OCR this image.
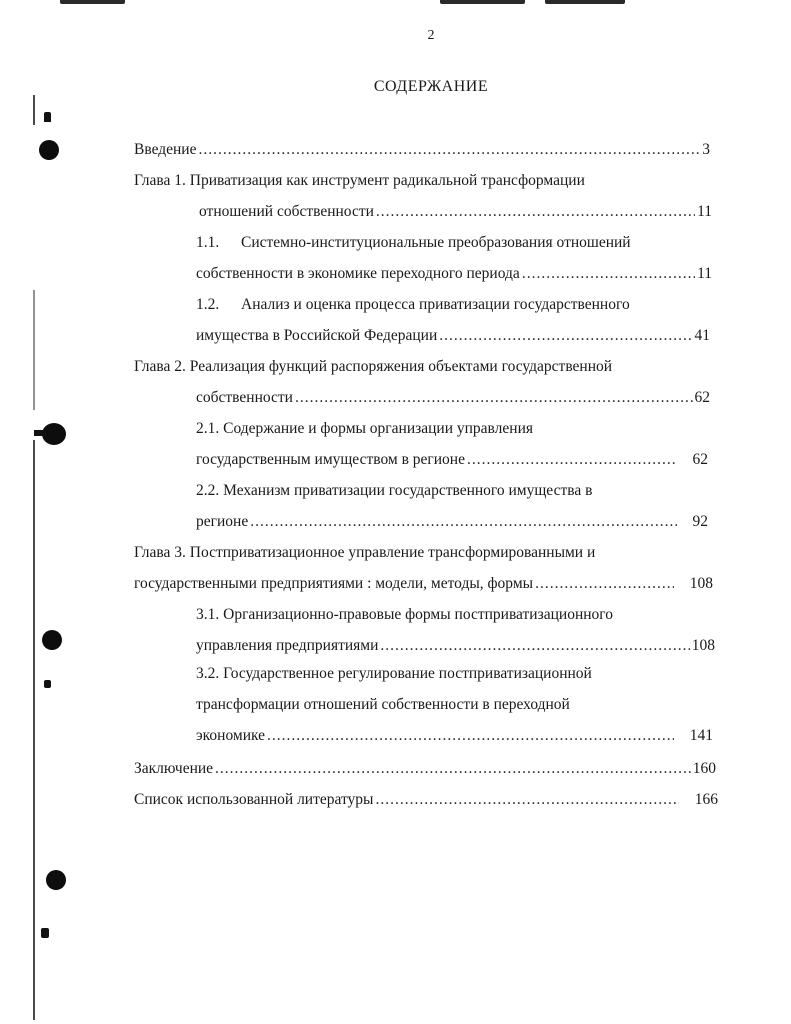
2
СОДЕРЖАНИЕ
Введение .....	3
Глава 1. Приватизация как инструмент радикальной трансформации
отношений собственности .....	11
1.1. Системно-институциональные преобразования отношений
собственности в экономике переходного периода .....	11
1.2. Анализ и оценка процесса приватизации государственного
имущества в Российской Федерации .....	41
Глава 2. Реализация функций распоряжения объектами государственной
собственности .....	62
2.1. Содержание и формы организации управления
государственным имуществом в регионе .....	62
2.2. Механизм приватизации государственного имущества в
регионе .....	92
Глава 3. Постприватизационное управление трансформированными и
государственными предприятиями : модели, методы, формы .....	108
3.1. Организационно-правовые формы постприватизационного
управления предприятиями .....	108
3.2. Государственное регулирование постприватизационной
трансформации отношений собственности в переходной
экономике .....	141
Заключение .....	160
Список использованной литературы .....	166
